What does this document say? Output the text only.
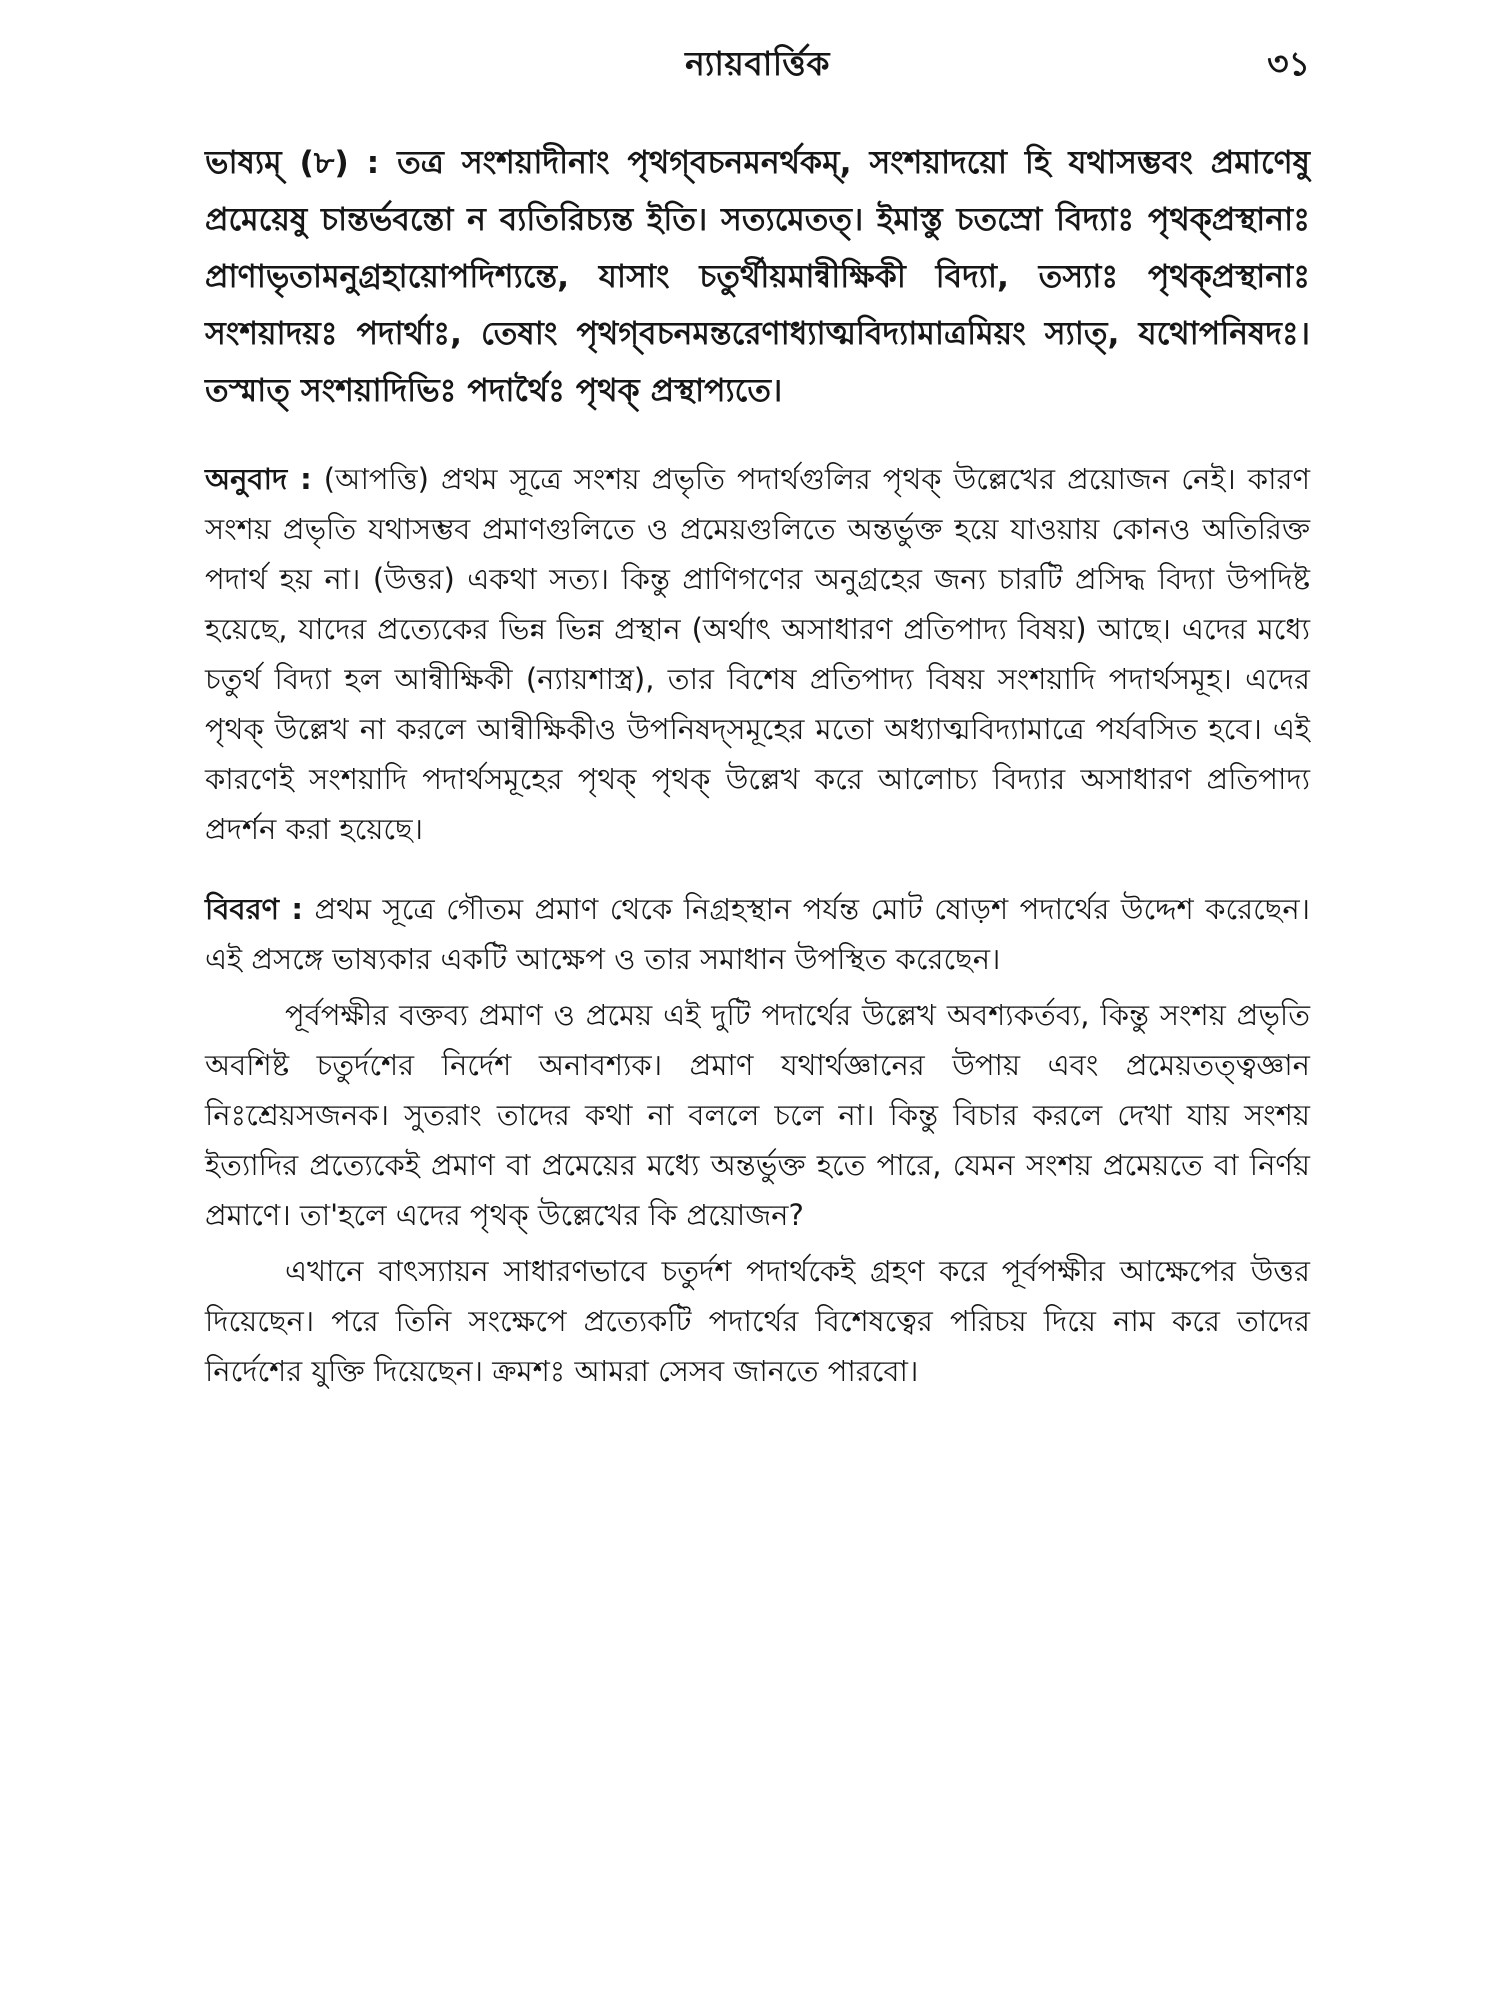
ন্যায়বার্ত্তিক	৩১

ভাষ্যম্ (৮) : তত্র সংশয়াদীনাং পৃথগ্‌বচনমনর্থকম্, সংশয়াদয়ো হি যথাসম্ভবং প্রমাণেষু প্রমেয়েষু চান্তর্ভবন্তো ন ব্যতিরিচ্যন্ত ইতি। সত্যমেতত্। ইমাস্তু চতস্রো বিদ্যাঃ পৃথক্‌প্রস্থানাঃ প্রাণাভৃতামনুগ্রহায়োপদিশ্যন্তে, যাসাং চতুর্থীয়মান্বীক্ষিকী বিদ্যা, তস্যাঃ পৃথক্‌প্রস্থানাঃ সংশয়াদয়ঃ পদার্থাঃ, তেষাং পৃথগ্‌বচনমন্তরেণাধ্যাত্মবিদ্যামাত্রমিয়ং স্যাত্, যথোপনিষদঃ। তস্মাত্ সংশয়াদিভিঃ পদার্থৈঃ পৃথক্ প্রস্থাপ্যতে।

অনুবাদ : (আপত্তি) প্রথম সূত্রে সংশয় প্রভৃতি পদার্থগুলির পৃথক্ উল্লেখের প্রয়োজন নেই। কারণ সংশয় প্রভৃতি যথাসম্ভব প্রমাণগুলিতে ও প্রমেয়গুলিতে অন্তর্ভুক্ত হয়ে যাওয়ায় কোনও অতিরিক্ত পদার্থ হয় না। (উত্তর) একথা সত্য। কিন্তু প্রাণিগণের অনুগ্রহের জন্য চারটি প্রসিদ্ধ বিদ্যা উপদিষ্ট হয়েছে, যাদের প্রত্যেকের ভিন্ন ভিন্ন প্রস্থান (অর্থাৎ অসাধারণ প্রতিপাদ্য বিষয়) আছে। এদের মধ্যে চতুর্থ বিদ্যা হল আন্বীক্ষিকী (ন্যায়শাস্ত্র), তার বিশেষ প্রতিপাদ্য বিষয় সংশয়াদি পদার্থসমূহ। এদের পৃথক্ উল্লেখ না করলে আন্বীক্ষিকীও উপনিষদ্‌সমূহের মতো অধ্যাত্মবিদ্যামাত্রে পর্যবসিত হবে। এই কারণেই সংশয়াদি পদার্থসমূহের পৃথক্ পৃথক্ উল্লেখ করে আলোচ্য বিদ্যার অসাধারণ প্রতিপাদ্য প্রদর্শন করা হয়েছে।

বিবরণ : প্রথম সূত্রে গৌতম প্রমাণ থেকে নিগ্রহস্থান পর্যন্ত মোট ষোড়শ পদার্থের উদ্দেশ করেছেন। এই প্রসঙ্গে ভাষ্যকার একটি আক্ষেপ ও তার সমাধান উপস্থিত করেছেন।

পূর্বপক্ষীর বক্তব্য প্রমাণ ও প্রমেয় এই দুটি পদার্থের উল্লেখ অবশ্যকর্তব্য, কিন্তু সংশয় প্রভৃতি অবশিষ্ট চতুর্দশের নির্দেশ অনাবশ্যক। প্রমাণ যথার্থজ্ঞানের উপায় এবং প্রমেয়তত্ত্বজ্ঞান নিঃশ্রেয়সজনক। সুতরাং তাদের কথা না বললে চলে না। কিন্তু বিচার করলে দেখা যায় সংশয় ইত্যাদির প্রত্যেকেই প্রমাণ বা প্রমেয়ের মধ্যে অন্তর্ভুক্ত হতে পারে, যেমন সংশয় প্রমেয়তে বা নির্ণয় প্রমাণে। তা'হলে এদের পৃথক্ উল্লেখের কি প্রয়োজন?

এখানে বাৎস্যায়ন সাধারণভাবে চতুর্দশ পদার্থকেই গ্রহণ করে পূর্বপক্ষীর আক্ষেপের উত্তর দিয়েছেন। পরে তিনি সংক্ষেপে প্রত্যেকটি পদার্থের বিশেষত্বের পরিচয় দিয়ে নাম করে তাদের নির্দেশের যুক্তি দিয়েছেন। ক্রমশঃ আমরা সেসব জানতে পারবো।
